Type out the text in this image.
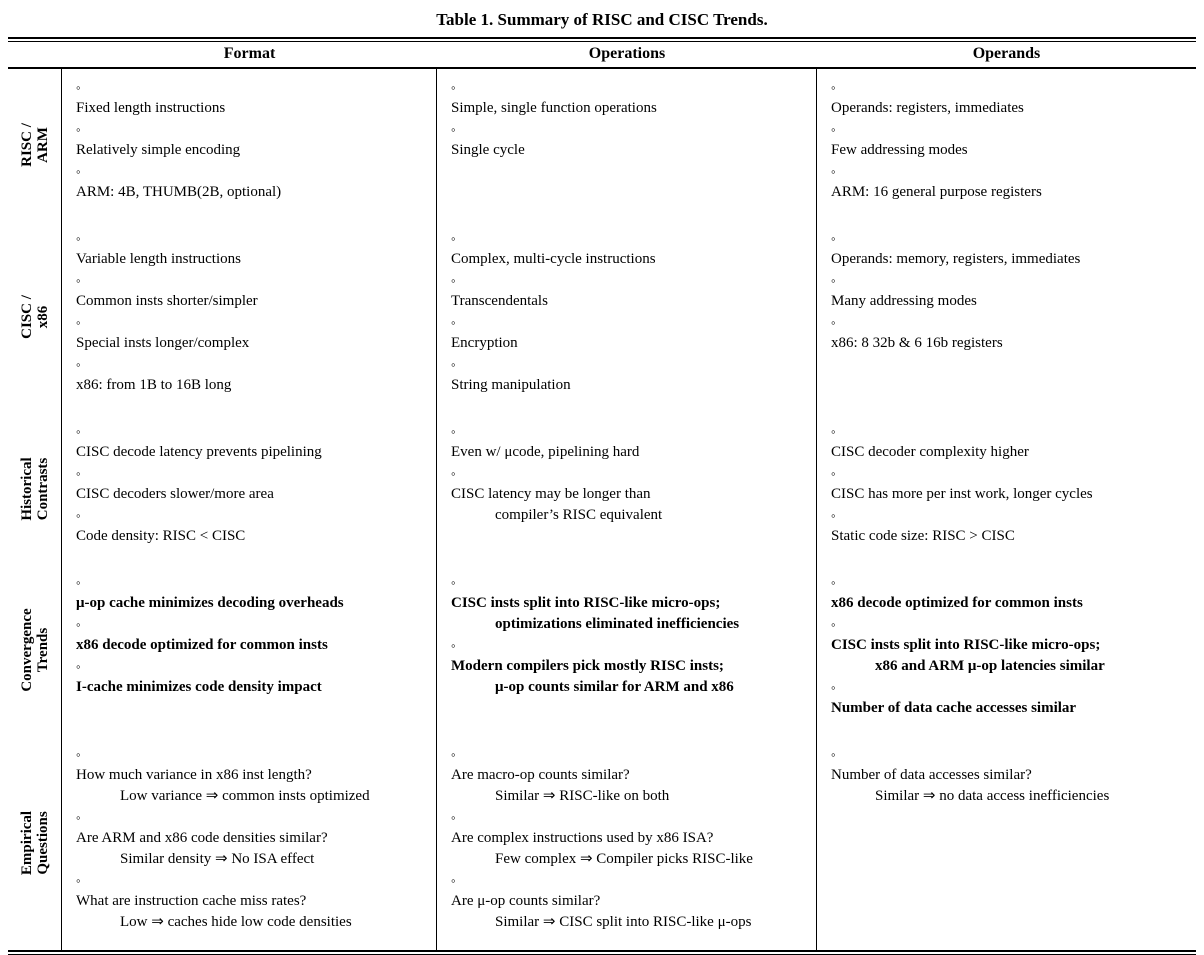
Table 1. Summary of RISC and CISC Trends.
Format	Operations	Operands
RISC / ARM
◦
Fixed length instructions
◦
Relatively simple encoding
◦
ARM: 4B, THUMB(2B, optional)
◦
Simple, single function operations
◦
Single cycle
◦
Operands: registers, immediates
◦
Few addressing modes
◦
ARM: 16 general purpose registers
CISC / x86
◦
Variable length instructions
◦
Common insts shorter/simpler
◦
Special insts longer/complex
◦
x86: from 1B to 16B long
◦
Complex, multi-cycle instructions
◦
Transcendentals
◦
Encryption
◦
String manipulation
◦
Operands: memory, registers, immediates
◦
Many addressing modes
◦
x86: 8 32b & 6 16b registers
Historical Contrasts
◦
CISC decode latency prevents pipelining
◦
CISC decoders slower/more area
◦
Code density: RISC < CISC
◦
Even w/ μcode, pipelining hard
◦
CISC latency may be longer than
compiler’s RISC equivalent
◦
CISC decoder complexity higher
◦
CISC has more per inst work, longer cycles
◦
Static code size: RISC > CISC
Convergence Trends
◦
μ-op cache minimizes decoding overheads
◦
x86 decode optimized for common insts
◦
I-cache minimizes code density impact
◦
CISC insts split into RISC-like micro-ops;
optimizations eliminated inefficiencies
◦
Modern compilers pick mostly RISC insts;
μ-op counts similar for ARM and x86
◦
x86 decode optimized for common insts
◦
CISC insts split into RISC-like micro-ops;
x86 and ARM μ-op latencies similar
◦
Number of data cache accesses similar
Empirical Questions
◦
How much variance in x86 inst length?
Low variance ⇒ common insts optimized
◦
Are ARM and x86 code densities similar?
Similar density ⇒ No ISA effect
◦
What are instruction cache miss rates?
Low ⇒ caches hide low code densities
◦
Are macro-op counts similar?
Similar ⇒ RISC-like on both
◦
Are complex instructions used by x86 ISA?
Few complex ⇒ Compiler picks RISC-like
◦
Are μ-op counts similar?
Similar ⇒ CISC split into RISC-like μ-ops
◦
Number of data accesses similar?
Similar ⇒ no data access inefficiencies
